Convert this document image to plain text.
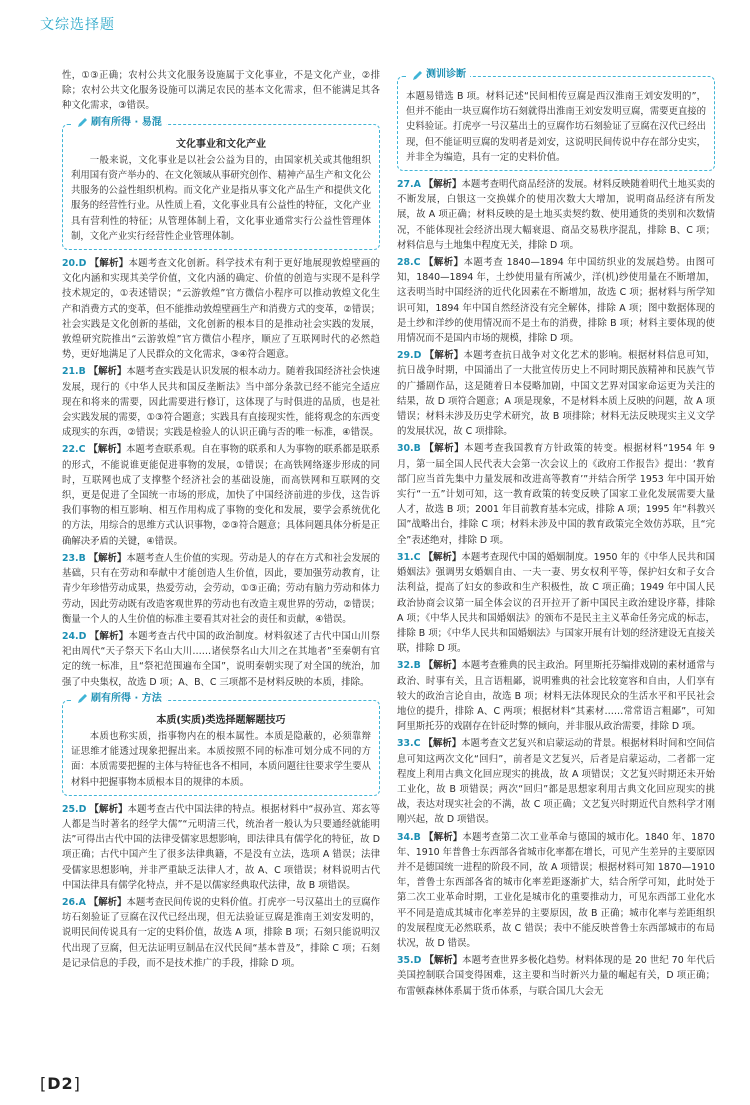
文综选择题

性，①③正确；农村公共文化服务设施属于文化事业，不是文化产业，②排除；农村公共文化服务设施可以满足农民的基本文化需求，但不能满足其各种文化需求，③错误。

刷有所得 · 易混

文化事业和文化产业

一般来说，文化事业是以社会公益为目的，由国家机关或其他组织利用国有资产举办的、在文化领域从事研究创作、精神产品生产和文化公共服务的公益性组织机构。而文化产业是指从事文化产品生产和提供文化服务的经营性行业。从性质上看，文化事业具有公益性的特征，文化产业具有营利性的特征；从管理体制上看，文化事业通常实行公益性管理体制，文化产业实行经营性企业管理体制。

20.D 【解析】本题考查文化创新。科学技术有利于更好地展现敦煌壁画的文化内涵和实现其美学价值，文化内涵的确定、价值的创造与实现不是科学技术规定的，①表述错误；“云游敦煌”官方微信小程序可以推动敦煌文化生产和消费方式的变革，但不能推动敦煌壁画生产和消费方式的变革，②错误；社会实践是文化创新的基础，文化创新的根本目的是推动社会实践的发展，敦煌研究院推出“云游敦煌”官方微信小程序，顺应了互联网时代的必然趋势，更好地满足了人民群众的文化需求，③④符合题意。

21.B 【解析】本题考查实践是认识发展的根本动力。随着我国经济社会快速发展，现行的《中华人民共和国反垄断法》当中部分条款已经不能完全适应现在和将来的需要，因此需要进行修订，这体现了与时俱进的品质，也是社会实践发展的需要，①③符合题意；实践具有直接现实性，能将观念的东西变成现实的东西，②错误；实践是检验人的认识正确与否的唯一标准，④错误。

22.C 【解析】本题考查联系观。自在事物的联系和人为事物的联系都是联系的形式，不能说谁更能促进事物的发展，①错误；在高铁网络逐步形成的同时，互联网也成了支撑整个经济社会的基础设施，而高铁网和互联网的交织，更是促进了全国统一市场的形成，加快了中国经济前进的步伐，这告诉我们事物的相互影响、相互作用构成了事物的变化和发展，要学会系统优化的方法，用综合的思维方式认识事物，②③符合题意；具体问题具体分析是正确解决矛盾的关键，④错误。

23.B 【解析】本题考查人生价值的实现。劳动是人的存在方式和社会发展的基础，只有在劳动和奉献中才能创造人生价值，因此，要加强劳动教育，让青少年珍惜劳动成果，热爱劳动，会劳动，①③正确；劳动有脑力劳动和体力劳动，因此劳动既有改造客观世界的劳动也有改造主观世界的劳动，②错误；衡量一个人的人生价值的标准主要看其对社会的责任和贡献，④错误。

24.D 【解析】本题考查古代中国的政治制度。材料叙述了古代中国山川祭祀由周代“天子祭天下名山大川……诸侯祭名山大川之在其地者”至秦朝有官定的统一标准，且“祭祀范围遍布全国”，说明秦朝实现了对全国的统治，加强了中央集权，故选 D 项；A、B、C 三项都不是材料反映的本质，排除。

刷有所得 · 方法

本质(实质)类选择题解题技巧

本质也称实质，指事物内在的根本属性。本质是隐蔽的，必须靠辩证思维才能透过现象把握出来。本质按照不同的标准可划分成不同的方面：本质需要把握的主体与特征也各不相同，本质问题往往要求学生要从材料中把握事物本质根本目的规律的本质。

25.D 【解析】本题考查古代中国法律的特点。根据材料中“叔孙宣、郑玄等人都是当时著名的经学大儒”“元明清三代，统治者一般认为只要通经就能明法”可得出古代中国的法律受儒家思想影响，即法律具有儒学化的特征，故 D 项正确；古代中国产生了很多法律典籍，不是没有立法，选项 A 错误；法律受儒家思想影响，并非严重缺乏法律人才，故 A、C 项错误；材料说明古代中国法律具有儒学化特点，并不是以儒家经典取代法律，故 B 项错误。

26.A 【解析】本题考查民间传说的史料价值。打虎亭一号汉墓出土的豆腐作坊石刻验证了豆腐在汉代已经出现，但无法验证豆腐是淮南王刘安发明的，说明民间传说具有一定的史料价值，故选 A 项，排除 B 项；石刻只能说明汉代出现了豆腐，但无法证明豆制品在汉代民间“基本普及”，排除 C 项；石刻是记录信息的手段，而不是技术推广的手段，排除 D 项。

测训诊断

本题易错选 B 项。材料记述“民间相传豆腐是西汉淮南王刘安发明的”，但并不能由一块豆腐作坊石刻就得出淮南王刘安发明豆腐，需要更直接的史料验证。打虎亭一号汉墓出土的豆腐作坊石刻验证了豆腐在汉代已经出现，但不能证明豆腐的发明者是刘安，这说明民间传说中存在部分史实，并非全为编造，具有一定的史料价值。

27.A 【解析】本题考查明代商品经济的发展。材料反映随着明代土地买卖的不断发展，白银这一交换媒介的使用次数大大增加，说明商品经济有所发展，故 A 项正确；材料反映的是土地买卖契约数、使用通货的类别和次数情况，不能体现社会经济出现大幅衰退、商品交易秩序混乱，排除 B、C 项；材料信息与土地集中程度无关，排除 D 项。

28.C 【解析】本题考查 1840—1894 年中国纺织业的发展趋势。由图可知，1840—1894 年，土纱使用量有所减少，洋(机)纱使用量在不断增加，这表明当时中国经济的近代化因素在不断增加，故选 C 项；据材料与所学知识可知，1894 年中国自然经济没有完全解体，排除 A 项；图中数据体现的是土纱和洋纱的使用情况而不是土布的消费，排除 B 项；材料主要体现的使用情况而不是国内市场的规模，排除 D 项。

29.D 【解析】本题考查抗日战争对文化艺术的影响。根据材料信息可知，抗日战争时期，中国涌出了一大批宣传历史上不同时期民族精神和民族气节的广播剧作品，这是随着日本侵略加剧，中国文艺界对国家命运更为关注的结果，故 D 项符合题意；A 项是现象，不是材料本质上反映的问题，故 A 项错误；材料未涉及历史学术研究，故 B 项排除；材料无法反映现实主义文学的发展状况，故 C 项排除。

30.B 【解析】本题考查我国教育方针政策的转变。根据材料“1954 年 9 月，第一届全国人民代表大会第一次会议上的《政府工作报告》提出：‘教育部门应当首先集中力量发展和改进高等教育’”并结合所学 1953 年中国开始实行“一五”计划可知，这一教育政策的转变反映了国家工业化发展需要大量人才，故选 B 项；2001 年目前教育基本完成，排除 A 项；1995 年“科教兴国”战略出台，排除 C 项；材料未涉及中国的教育政策完全效仿苏联，且“完全”表述绝对，排除 D 项。

31.C 【解析】本题考查现代中国的婚姻制度。1950 年的《中华人民共和国婚姻法》强调男女婚姻自由、一夫一妻、男女权利平等，保护妇女和子女合法利益，提高了妇女的参政和生产积极性，故 C 项正确；1949 年中国人民政治协商会议第一届全体会议的召开拉开了新中国民主政治建设序幕，排除 A 项；《中华人民共和国婚姻法》的颁布不是民主主义革命任务完成的标志，排除 B 项；《中华人民共和国婚姻法》与国家开展有计划的经济建设无直接关联，排除 D 项。

32.B 【解析】本题考查雅典的民主政治。阿里斯托芬编排戏剧的素材通常与政治、时事有关，且言语粗鄙，说明雅典的社会比较宽容和自由，人们享有较大的政治言论自由，故选 B 项；材料无法体现民众的生活水平和平民社会地位的提升，排除 A、C 两项；根据材料“其素材……常常语言粗鄙”，可知阿里斯托芬的戏剧存在针砭时弊的倾向，并非服从政治需要，排除 D 项。

33.C 【解析】本题考查文艺复兴和启蒙运动的背景。根据材料时间和空间信息可知这两次文化“回归”，前者是文艺复兴，后者是启蒙运动，二者都一定程度上利用古典文化回应现实的挑战，故 A 项错误；文艺复兴时期还未开始工业化，故 B 项错误；两次“回归”都是思想家利用古典文化回应现实的挑战，表达对现实社会的不满，故 C 项正确；文艺复兴时期近代自然科学才刚刚兴起，故 D 项错误。

34.B 【解析】本题考查第二次工业革命与德国的城市化。1840 年、1870 年、1910 年普鲁士东西部各省城市化率都在增长，可见产生差异的主要原因并不是德国统一进程的阶段不同，故 A 项错误；根据材料可知 1870—1910 年，普鲁士东西部各省的城市化率差距逐渐扩大，结合所学可知，此时处于第二次工业革命时期，工业化是城市化的重要推动力，可见东西部工业化水平不同是造成其城市化率差异的主要原因，故 B 正确；城市化率与差距组织的发展程度无必然联系，故 C 错误；表中不能反映普鲁士东西部城市的布局状况，故 D 错误。

35.D 【解析】本题考查世界多极化趋势。材料体现的是 20 世纪 70 年代后美国控制联合国变得困难，这主要和当时新兴力量的崛起有关，D 项正确；布雷顿森林体系属于货币体系，与联合国几大会无

[D2]
